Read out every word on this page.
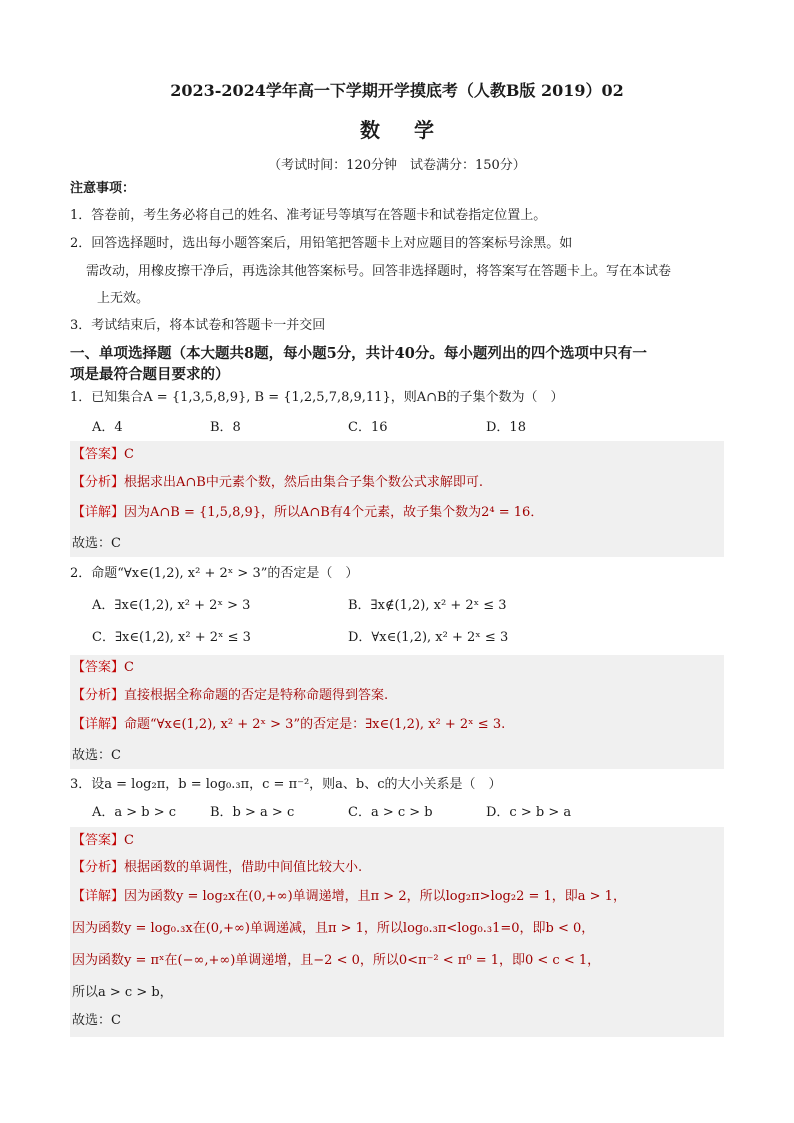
2023-2024学年高一下学期开学摸底考（人教B版 2019）02
数学
（考试时间：120分钟　试卷满分：150分）
注意事项：
1．答卷前，考生务必将自己的姓名、准考证号等填写在答题卡和试卷指定位置上。
2．回答选择题时，选出每小题答案后，用铅笔把答题卡上对应题目的答案标号涂黑。如
需改动，用橡皮擦干净后，再选涂其他答案标号。回答非选择题时，将答案写在答题卡上。写在本试卷
上无效。
3．考试结束后，将本试卷和答题卡一并交回
一、单项选择题（本大题共8题，每小题5分，共计40分。每小题列出的四个选项中只有一
项是最符合题目要求的）
1．已知集合A = {1,3,5,8,9}, B = {1,2,5,7,8,9,11}，则A∩B的子集个数为（　）
A．4	B．8	C．16	D．18
【答案】C
【分析】根据求出A∩B中元素个数，然后由集合子集个数公式求解即可.
【详解】因为A∩B = {1,5,8,9}，所以A∩B有4个元素，故子集个数为2⁴ = 16．
故选：C
2．命题“∀x∈(1,2), x² + 2ˣ > 3”的否定是（　）
A．∃x∈(1,2), x² + 2ˣ > 3	B．∃x∉(1,2), x² + 2ˣ ≤ 3
C．∃x∈(1,2), x² + 2ˣ ≤ 3	D．∀x∈(1,2), x² + 2ˣ ≤ 3
【答案】C
【分析】直接根据全称命题的否定是特称命题得到答案.
【详解】命题“∀x∈(1,2), x² + 2ˣ > 3”的否定是：∃x∈(1,2), x² + 2ˣ ≤ 3.
故选：C
3．设a = log₂π，b = log₀.₃π，c = π⁻²，则a、b、c的大小关系是（　）
A．a > b > c	B．b > a > c	C．a > c > b	D．c > b > a
【答案】C
【分析】根据函数的单调性，借助中间值比较大小.
【详解】因为函数y = log₂x在(0,+∞)单调递增，且π > 2，所以log₂π>log₂2 = 1，即a > 1，
因为函数y = log₀.₃x在(0,+∞)单调递减，且π > 1，所以log₀.₃π<log₀.₃1=0，即b < 0，
因为函数y = πˣ在(−∞,+∞)单调递增，且−2 < 0，所以0<π⁻² < π⁰ = 1，即0 < c < 1，
所以a > c > b，
故选：C
